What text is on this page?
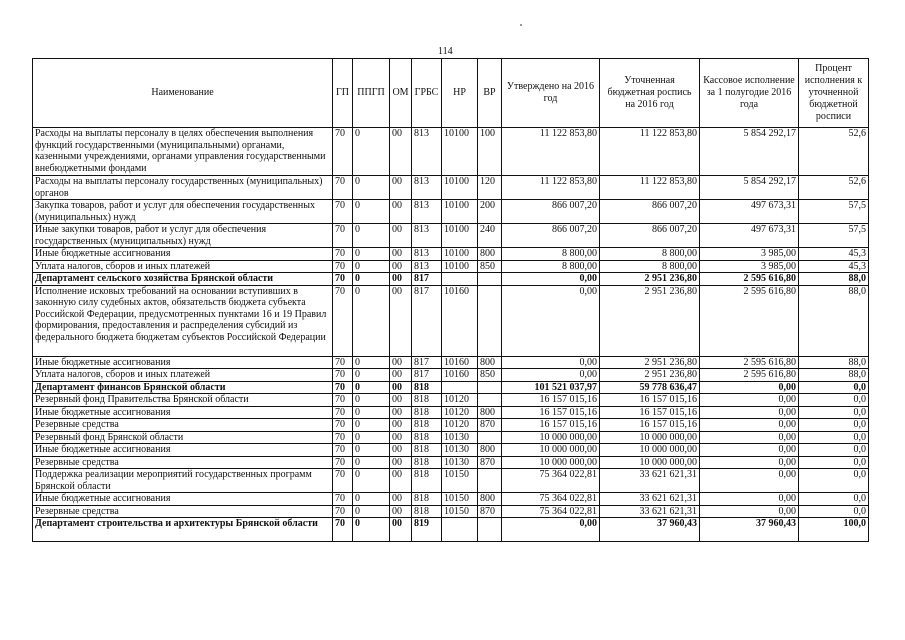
114
Наименование	ГП	ППГП	ОМ	ГРБС	НР	ВР	Утверждено на 2016 год	Уточненная бюджетная роспись на 2016 год	Кассовое исполнение за 1 полугодие 2016 года	Процент исполнения к уточненной бюджетной росписи
Расходы на выплаты персоналу в целях обеспечения выполнения функций государственными (муниципальными) органами, казенными учреждениями, органами управления государственными внебюджетными фондами	70	0	00	813	10100	100	11 122 853,80	11 122 853,80	5 854 292,17	52,6
Расходы на выплаты персоналу государственных (муниципальных) органов	70	0	00	813	10100	120	11 122 853,80	11 122 853,80	5 854 292,17	52,6
Закупка товаров, работ и услуг для обеспечения государственных (муниципальных) нужд	70	0	00	813	10100	200	866 007,20	866 007,20	497 673,31	57,5
Иные закупки товаров, работ и услуг для обеспечения государственных (муниципальных) нужд	70	0	00	813	10100	240	866 007,20	866 007,20	497 673,31	57,5
Иные бюджетные ассигнования	70	0	00	813	10100	800	8 800,00	8 800,00	3 985,00	45,3
Уплата налогов, сборов и иных платежей	70	0	00	813	10100	850	8 800,00	8 800,00	3 985,00	45,3
Департамент сельского хозяйства Брянской области	70	0	00	817			0,00	2 951 236,80	2 595 616,80	88,0
Исполнение исковых требований на основании вступивших в законную силу судебных актов, обязательств бюджета субъекта Российской Федерации, предусмотренных пунктами 16 и 19 Правил формирования, предоставления и распределения субсидий из федерального бюджета бюджетам субъектов Российской Федерации	70	0	00	817	10160		0,00	2 951 236,80	2 595 616,80	88,0
Иные бюджетные ассигнования	70	0	00	817	10160	800	0,00	2 951 236,80	2 595 616,80	88,0
Уплата налогов, сборов и иных платежей	70	0	00	817	10160	850	0,00	2 951 236,80	2 595 616,80	88,0
Департамент финансов Брянской области	70	0	00	818			101 521 037,97	59 778 636,47	0,00	0,0
Резервный фонд Правительства Брянской области	70	0	00	818	10120		16 157 015,16	16 157 015,16	0,00	0,0
Иные бюджетные ассигнования	70	0	00	818	10120	800	16 157 015,16	16 157 015,16	0,00	0,0
Резервные средства	70	0	00	818	10120	870	16 157 015,16	16 157 015,16	0,00	0,0
Резервный фонд Брянской области	70	0	00	818	10130		10 000 000,00	10 000 000,00	0,00	0,0
Иные бюджетные ассигнования	70	0	00	818	10130	800	10 000 000,00	10 000 000,00	0,00	0,0
Резервные средства	70	0	00	818	10130	870	10 000 000,00	10 000 000,00	0,00	0,0
Поддержка реализации мероприятий государственных программ Брянской области	70	0	00	818	10150		75 364 022,81	33 621 621,31	0,00	0,0
Иные бюджетные ассигнования	70	0	00	818	10150	800	75 364 022,81	33 621 621,31	0,00	0,0
Резервные средства	70	0	00	818	10150	870	75 364 022,81	33 621 621,31	0,00	0,0
Департамент строительства и архитектуры Брянской области	70	0	00	819			0,00	37 960,43	37 960,43	100,0
